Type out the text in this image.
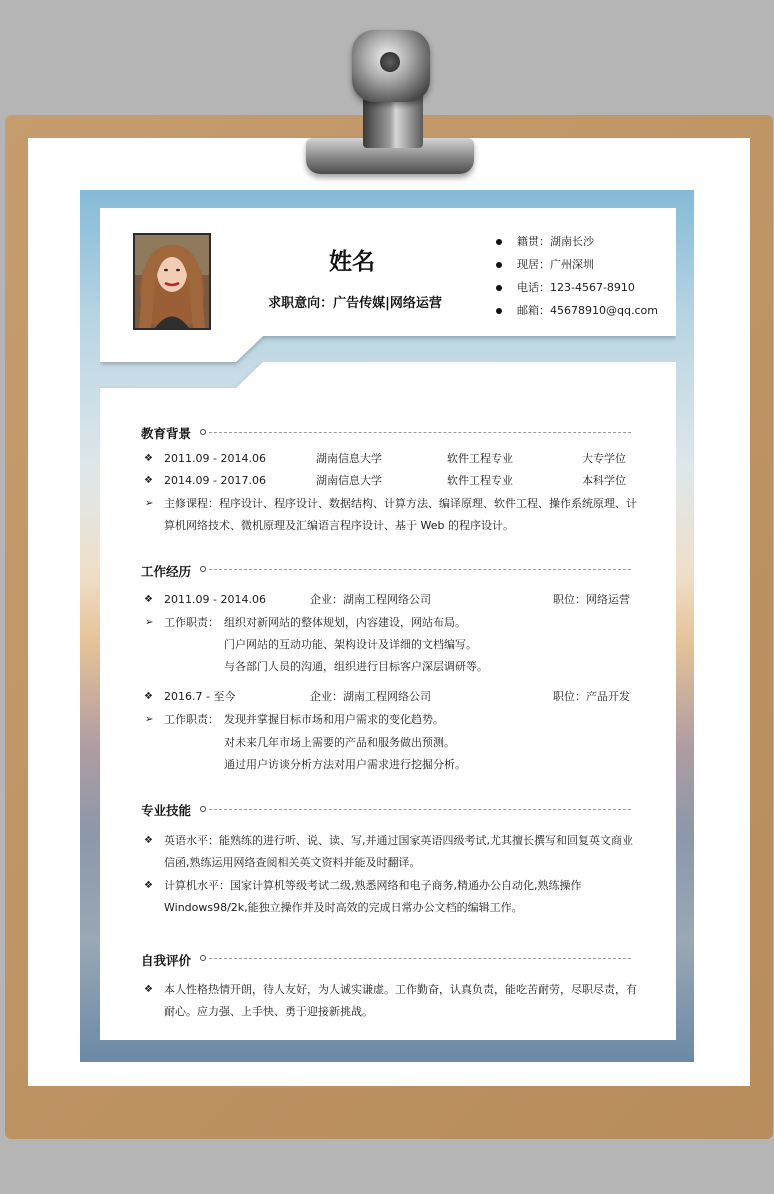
姓名
求职意向：广告传媒|网络运营
籍贯：湖南长沙
现居：广州深圳
电话：123-4567-8910
邮箱：45678910@qq.com
教育背景
❖ 2011.09 - 2014.06	湖南信息大学	软件工程专业	大专学位
❖ 2014.09 - 2017.06	湖南信息大学	软件工程专业	本科学位
➢ 主修课程：程序设计、程序设计、数据结构、计算方法、编译原理、软件工程、操作系统原理、计
算机网络技术、微机原理及汇编语言程序设计、基于 Web 的程序设计。
工作经历
❖ 2011.09 - 2014.06	企业：湖南工程网络公司	职位：网络运营
➢ 工作职责： 组织对新网站的整体规划，内容建设，网站布局。
门户网站的互动功能、架构设计及详细的文档编写。
与各部门人员的沟通，组织进行目标客户深层调研等。
❖ 2016.7 - 至今	企业：湖南工程网络公司	职位：产品开发
➢ 工作职责： 发现并掌握目标市场和用户需求的变化趋势。
对未来几年市场上需要的产品和服务做出预测。
通过用户访谈分析方法对用户需求进行挖掘分析。
专业技能
❖ 英语水平：能熟练的进行听、说、读、写,并通过国家英语四级考试,尤其擅长撰写和回复英文商业
信函,熟练运用网络查阅相关英文资料并能及时翻译。
❖ 计算机水平：国家计算机等级考试二级,熟悉网络和电子商务,精通办公自动化,熟练操作
Windows98/2k,能独立操作并及时高效的完成日常办公文档的编辑工作。
自我评价
❖ 本人性格热情开朗，待人友好，为人诚实谦虚。工作勤奋，认真负责，能吃苦耐劳，尽职尽责，有
耐心。应力强、上手快、勇于迎接新挑战。
